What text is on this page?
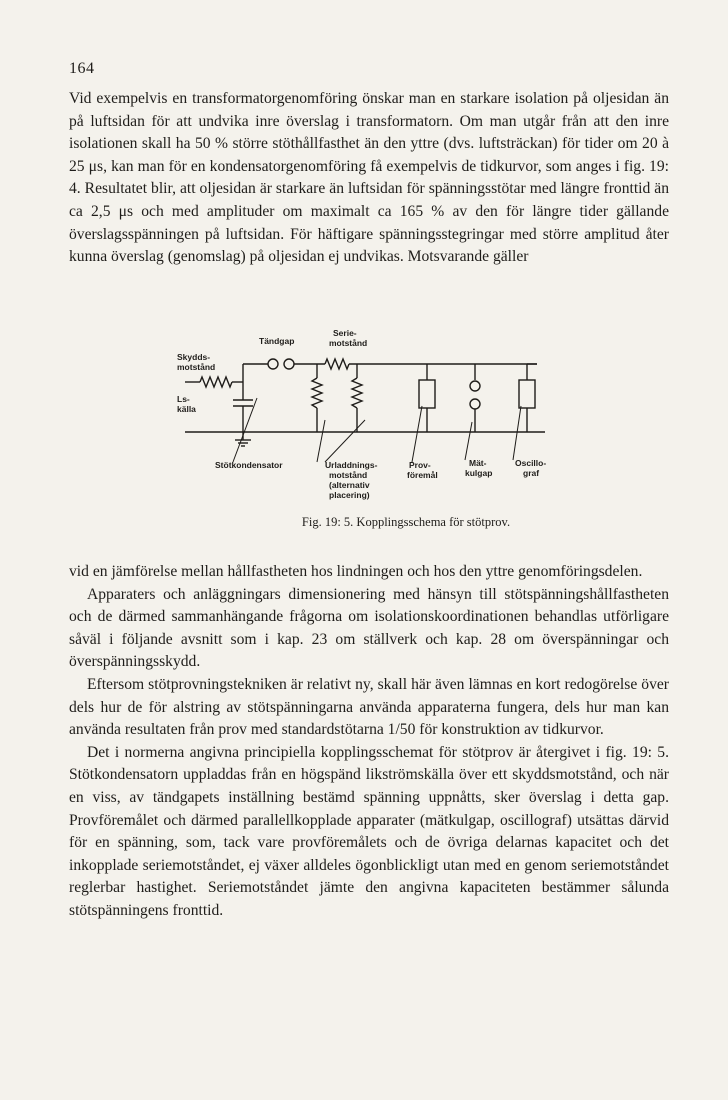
164

Vid exempelvis en transformatorgenomföring önskar man en starkare isolation på oljesidan än på luftsidan för att undvika inre överslag i transformatorn. Om man utgår från att den inre isolationen skall ha 50 % större stöthållfasthet än den yttre (dvs. luftsträckan) för tider om 20 à 25 μs, kan man för en kondensatorgenomföring få exempelvis de tidkurvor, som anges i fig. 19: 4. Resultatet blir, att oljesidan är starkare än luftsidan för spänningsstötar med längre fronttid än ca 2,5 μs och med amplituder om maximalt ca 165 % av den för längre tider gällande överslagsspänningen på luftsidan. För häftigare spänningsstegringar med större amplitud åter kunna överslag (genomslag) på oljesidan ej undvikas. Motsvarande gäller

Skydds-
motstånd
Tändgap
Serie-
motstånd
Ls-
källa
Stötkondensator	Urladdnings-
motstånd
(alternativ
placering)
Prov-
föremål
Mät-
kulgap
Oscillo-
graf
Fig. 19: 5. Kopplingsschema för stötprov.

vid en jämförelse mellan hållfastheten hos lindningen och hos den yttre genomföringsdelen.

Apparaters och anläggningars dimensionering med hänsyn till stötspänningshållfastheten och de därmed sammanhängande frågorna om isolationskoordinationen behandlas utförligare såväl i följande avsnitt som i kap. 23 om ställverk och kap. 28 om överspänningar och överspänningsskydd.

Eftersom stötprovningstekniken är relativt ny, skall här även lämnas en kort redogörelse över dels hur de för alstring av stötspänningarna använda apparaterna fungera, dels hur man kan använda resultaten från prov med standardstötarna 1/50 för konstruktion av tidkurvor.

Det i normerna angivna principiella kopplingsschemat för stötprov är återgivet i fig. 19: 5. Stötkondensatorn uppladdas från en högspänd likströmskälla över ett skyddsmotstånd, och när en viss, av tändgapets inställning bestämd spänning uppnåtts, sker överslag i detta gap. Provföremålet och därmed parallellkopplade apparater (mätkulgap, oscillograf) utsättas därvid för en spänning, som, tack vare provföremålets och de övriga delarnas kapacitet och det inkopplade seriemotståndet, ej växer alldeles ögonblickligt utan med en genom seriemotståndet reglerbar hastighet. Seriemotståndet jämte den angivna kapaciteten bestämmer sålunda stötspänningens fronttid.
